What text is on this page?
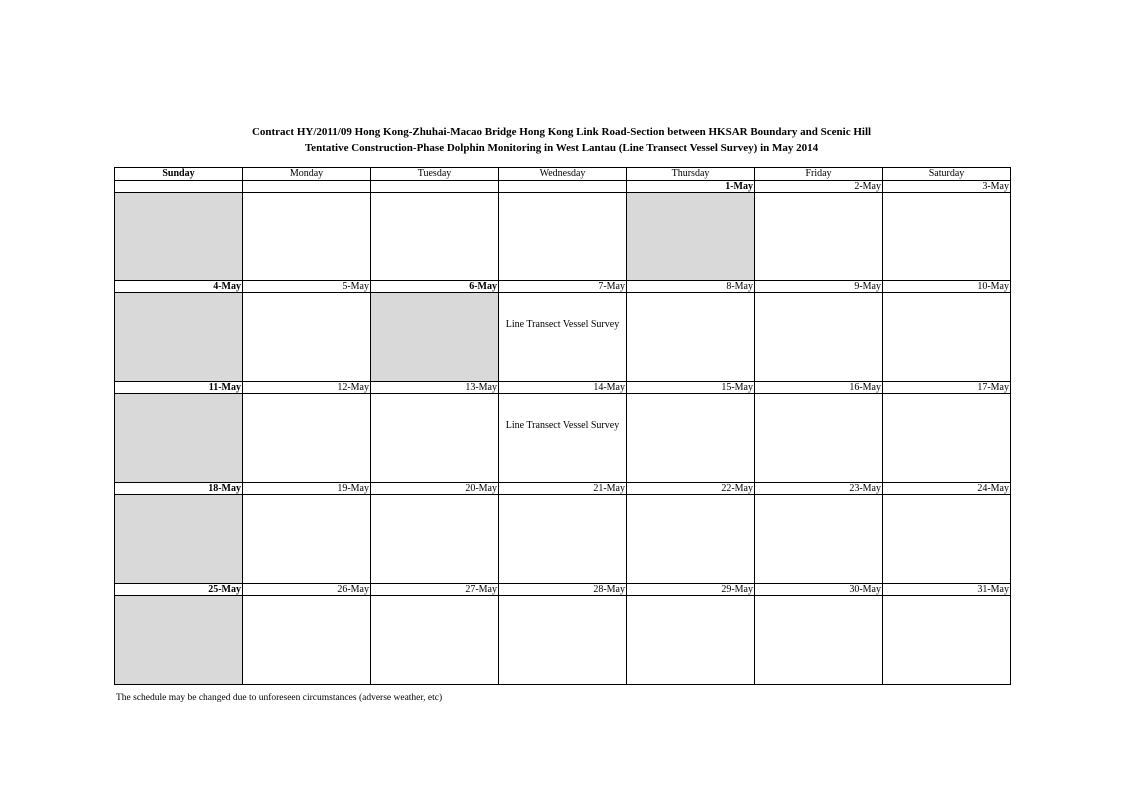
Contract HY/2011/09 Hong Kong-Zhuhai-Macao Bridge Hong Kong Link Road-Section between HKSAR Boundary and Scenic Hill
Tentative Construction-Phase Dolphin Monitoring in West Lantau (Line Transect Vessel Survey) in May 2014
Sunday	Monday	Tuesday	Wednesday	Thursday	Friday	Saturday
				1-May	2-May	3-May

4-May	5-May	6-May	7-May	8-May	9-May	10-May

			Line Transect Vessel Survey			

11-May	12-May	13-May	14-May	15-May	16-May	17-May

			Line Transect Vessel Survey			

18-May	19-May	20-May	21-May	22-May	23-May	24-May

25-May	26-May	27-May	28-May	29-May	30-May	31-May

The schedule may be changed due to unforeseen circumstances (adverse weather, etc)
